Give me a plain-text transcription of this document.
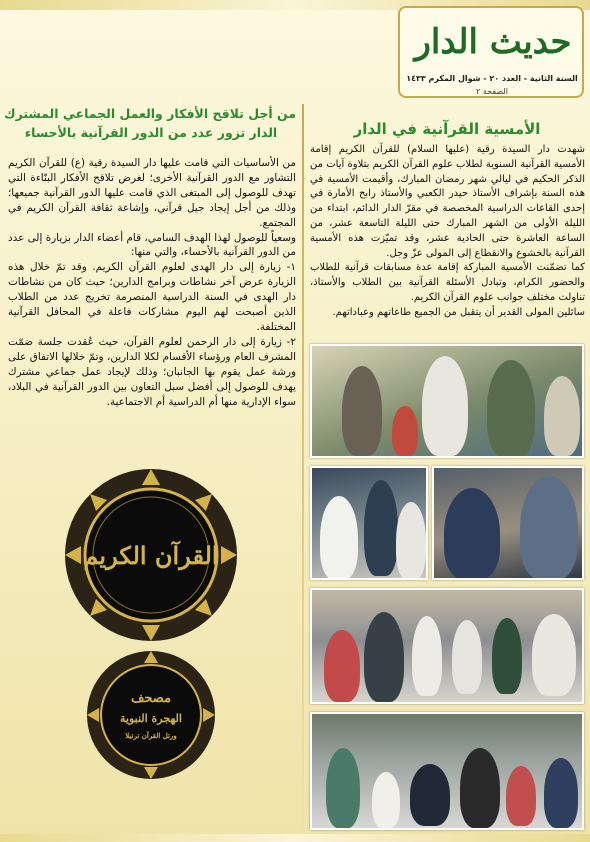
حديث الدار
السنة الثانية - العدد ٢٠ - شوال المكرم ١٤٣٣
الصفحة ٢
من أجل تلاقح الأفكار والعمل الجماعي المشترك
الدار تزور عدد من الدور القرآنية بالأحساء	الأمسية القرآنية في الدار

من الأساسيات التي قامت عليها دار السيدة رقية (ع) للقرآن الكريم التشاور مع الدور القرآنية الأخرى؛ لغرض تلاقح الأفكار البنّاءة التي تهدف للوصول إلى المبتغى الذي قامت عليها الدور القرآنية جميعها؛ وذلك من أجل إيجاد جيل قرآني، وإشاعة ثقافة القرآن الكريم في المجتمع.

وسعياً للوصول لهذا الهدف السامي، قام أعضاء الدار بزيارة إلى عدد من الدور القرآنية بالأحساء، والتي منها:

١- زيارة إلى دار الهدى لعلوم القرآن الكريم. وقد تمّ خلال هذه الزيارة عرض آخر نشاطات وبرامج الدارين؛ حيث كان من نشاطات دار الهدى في السنة الدراسية المنصرمة تخريج عدد من الطلاب الذين أصبحت لهم اليوم مشاركات فاعلة في المحافل القرآنية المختلفة.

٢- زيارة إلى دار الرحمن لعلوم القرآن، حيث عُقدت جلسة ضمّت المشرف العام ورؤساء الأقسام لكلا الدارين، وتمّ خلالها الاتفاق على ورشة عمل يقوم بها الجانبان؛ وذلك لإيجاد عمل جماعي مشترك يهدف للوصول إلى أفضل سبل التعاون بين الدور القرآنية في البلاد، سواء الإدارية منها أم الدراسية أم الاجتماعية.

شهدت دار السيدة رقية (عليها السلام) للقرآن الكريم إقامة الأمسية القرآنية السنوية لطلاب علوم القرآن الكريم بتلاوة آيات من الذكر الحكيم في ليالي شهر رمضان المبارك، وأقيمت الأمسية في هذه السنة بإشراف الأستاذ حيدر الكعبي والأستاذ رابح الأمارة في إحدى القاعات الدراسية المخصصة في مقرّ الدار الدائم، ابتداء من الليلة الأولى من الشهر المبارك حتى الليلة التاسعة عشر، من الساعة العاشرة حتى الحادية عشر، وقد تميّزت هذه الأمسية القرآنية بالخشوع والانقطاع إلى المولى عزّ وجل.

كما تضمّنت الأمسية المباركة إقامة عدة مسابقات قرآنية للطلاب والحضور الكرام، وتبادل الأسئلة القرآنية بين الطلاب والأستاذ، تناولت مختلف جوانب علوم القرآن الكريم.

سائلين المولى القدير أن يتقبل من الجميع طاعاتهم وعباداتهم.

القرآن الكريم
مصحف
الهجرة النبوية
ورتل القرآن ترتيلا
